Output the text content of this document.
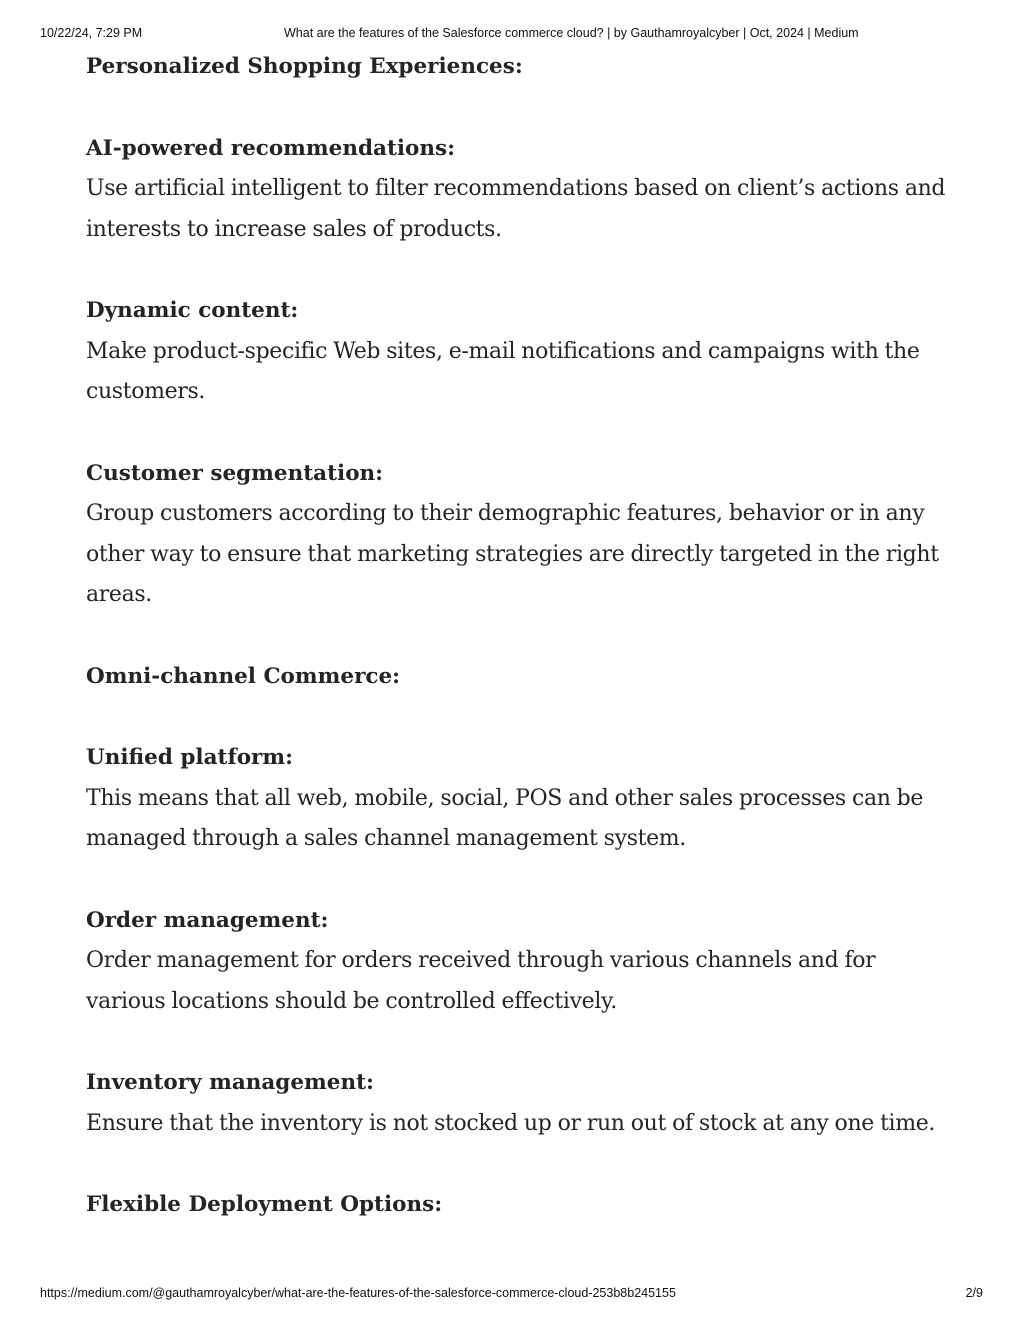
10/22/24, 7:29 PM	What are the features of the Salesforce commerce cloud? | by Gauthamroyalcyber | Oct, 2024 | Medium

Personalized Shopping Experiences:

AI-powered recommendations:

Use artificial intelligent to filter recommendations based on client’s actions and interests to increase sales of products.

Dynamic content:

Make product-specific Web sites, e-mail notifications and campaigns with the customers.

Customer segmentation:

Group customers according to their demographic features, behavior or in any other way to ensure that marketing strategies are directly targeted in the right areas.

Omni-channel Commerce:

Unified platform:

This means that all web, mobile, social, POS and other sales processes can be managed through a sales channel management system.

Order management:

Order management for orders received through various channels and for various locations should be controlled effectively.

Inventory management:

Ensure that the inventory is not stocked up or run out of stock at any one time.

Flexible Deployment Options:

https://medium.com/@gauthamroyalcyber/what-are-the-features-of-the-salesforce-commerce-cloud-253b8b245155	2/9
